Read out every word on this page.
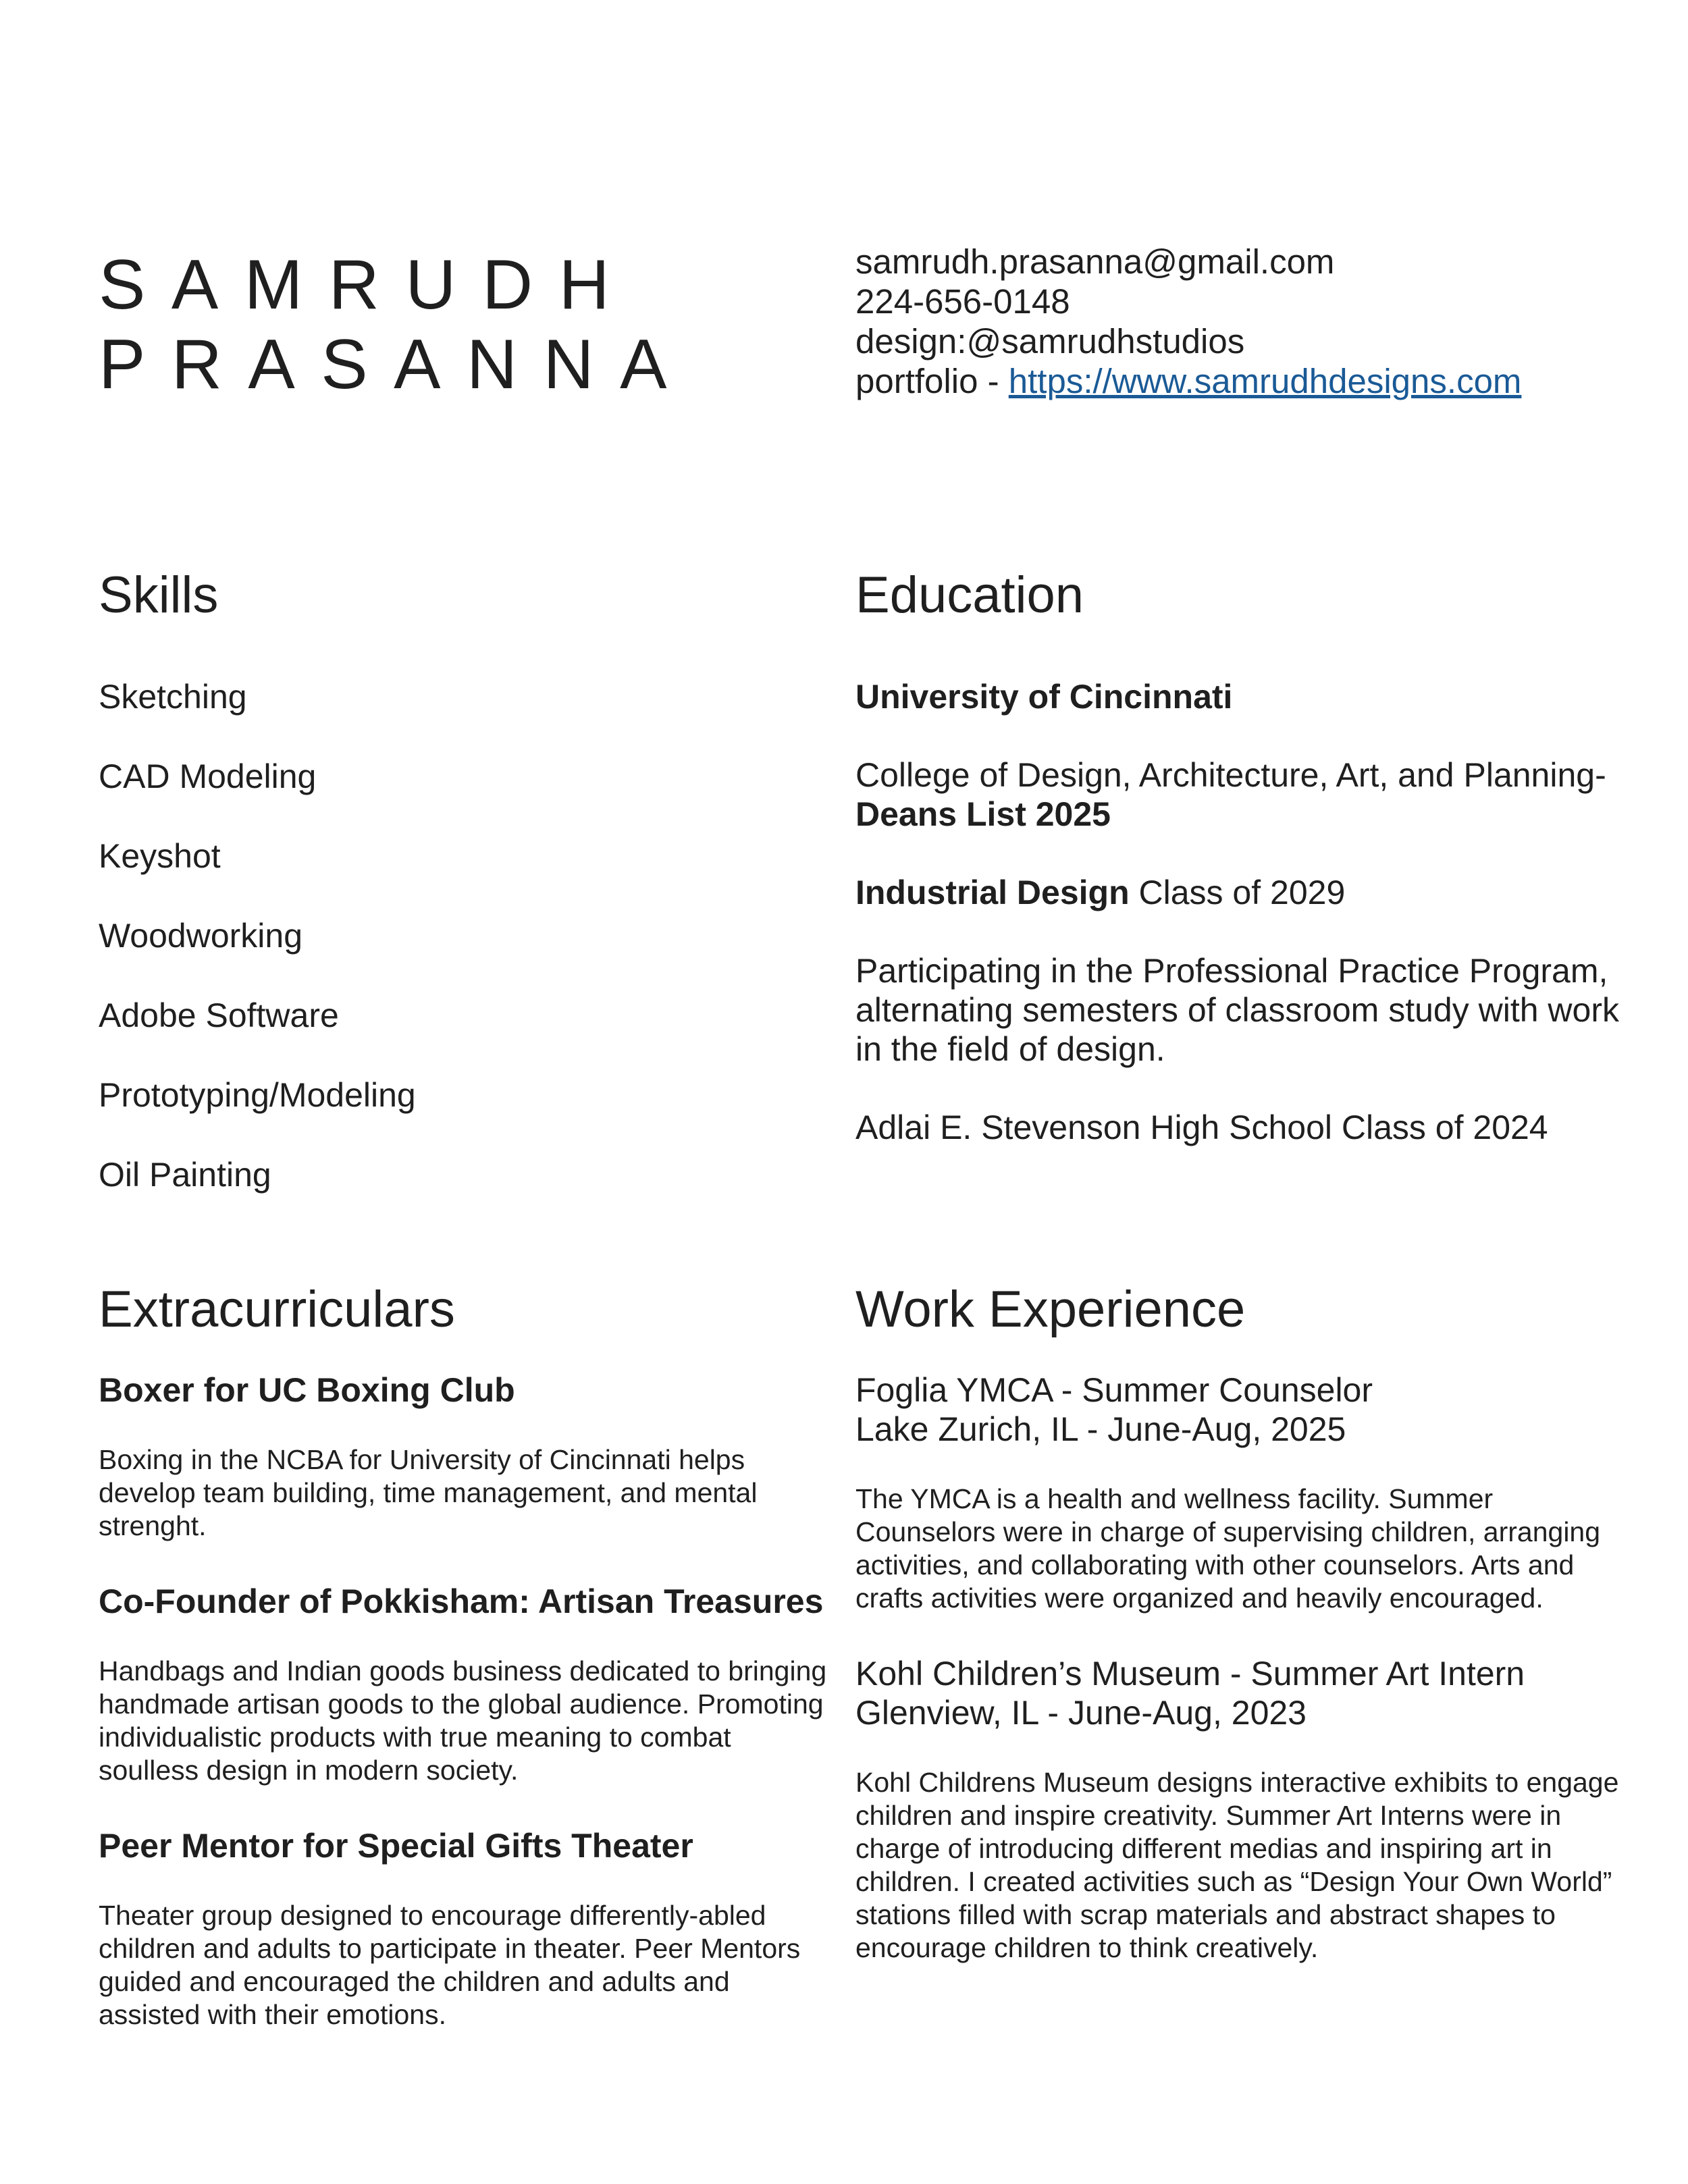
SAMRUDH
PRASANNA
samrudh.prasanna@gmail.com
224-656-0148
design:@samrudhstudios
portfolio - https://www.samrudhdesigns.com
Skills
Sketching
CAD Modeling
Keyshot
Woodworking
Adobe Software
Prototyping/Modeling
Oil Painting
Education

University of Cincinnati

College of Design, Architecture, Art, and Planning- Deans List 2025

Industrial Design Class of 2029

Participating in the Professional Practice Program, alternating semesters of classroom study with work in the field of design.

Adlai E. Stevenson High School Class of 2024

Extracurriculars

Boxer for UC Boxing Club

Boxing in the NCBA for University of Cincinnati helps develop team building, time management, and mental strenght.

Co-Founder of Pokkisham: Artisan Treasures

Handbags and Indian goods business dedicated to bringing handmade artisan goods to the global audience. Promoting individualistic products with true meaning to combat soulless design in modern society.

Peer Mentor for Special Gifts Theater

Theater group designed to encourage differently-abled children and adults to participate in theater. Peer Mentors guided and encouraged the children and adults and assisted with their emotions.

Work Experience
Foglia YMCA - Summer Counselor
Lake Zurich, IL - June-Aug, 2025

The YMCA is a health and wellness facility. Summer Counselors were in charge of supervising children, arranging activities, and collaborating with other counselors. Arts and crafts activities were organized and heavily encouraged.

Kohl Children’s Museum - Summer Art Intern
Glenview, IL - June-Aug, 2023

Kohl Childrens Museum designs interactive exhibits to engage children and inspire creativity. Summer Art Interns were in charge of introducing different medias and inspiring art in children. I created activities such as “Design Your Own World” stations filled with scrap materials and abstract shapes to encourage children to think creatively.
